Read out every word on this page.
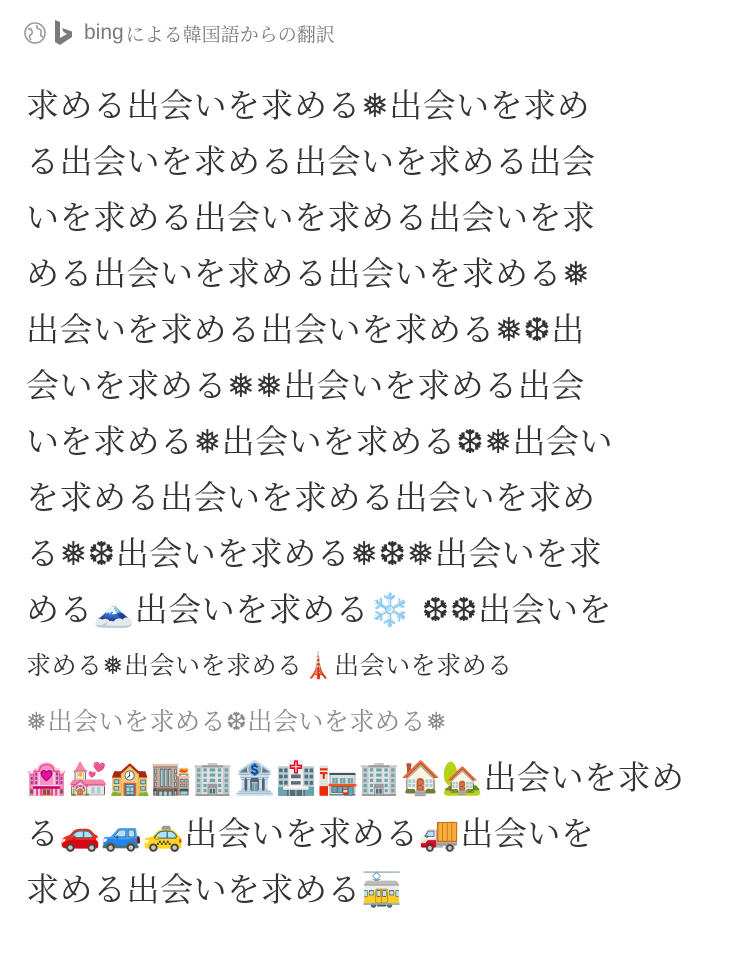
bing による韓国語からの翻訳
求める出会いを求める❅出会いを求め
る出会いを求める出会いを求める出会
いを求める出会いを求める出会いを求
める出会いを求める出会いを求める❅
出会いを求める出会いを求める❅❆出
会いを求める❅❅出会いを求める出会
いを求める❅出会いを求める❆❅出会い
を求める出会いを求める出会いを求め
る❅❆出会いを求める❅❆❅出会いを求
める🗻出会いを求める❄️ ❆❆出会いを
求める❅出会いを求める🗼出会いを求める
❅出会いを求める❆出会いを求める❅
🏩💒🏫🏬🏢🏦🏥🏣🏢🏠🏡出会いを求め
る🚗🚙🚕出会いを求める🚚出会いを
求める出会いを求める🚋
